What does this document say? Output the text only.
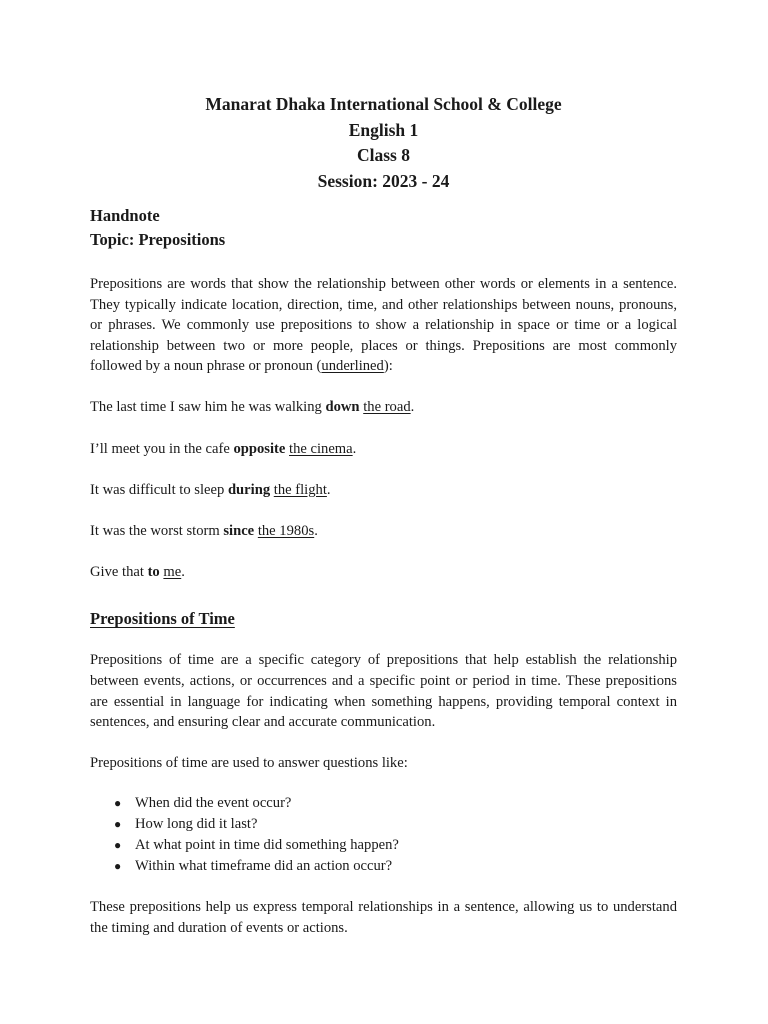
Manarat Dhaka International School & College
English 1
Class 8
Session: 2023 - 24
Handnote
Topic: Prepositions

Prepositions are words that show the relationship between other words or elements in a sentence. They typically indicate location, direction, time, and other relationships between nouns, pronouns, or phrases. We commonly use prepositions to show a relationship in space or time or a logical relationship between two or more people, places or things. Prepositions are most commonly followed by a noun phrase or pronoun (underlined):

The last time I saw him he was walking down the road.

I’ll meet you in the cafe opposite the cinema.

It was difficult to sleep during the flight.

It was the worst storm since the 1980s.

Give that to me.

Prepositions of Time

Prepositions of time are a specific category of prepositions that help establish the relationship between events, actions, or occurrences and a specific point or period in time. These prepositions are essential in language for indicating when something happens, providing temporal context in sentences, and ensuring clear and accurate communication.

Prepositions of time are used to answer questions like:

● When did the event occur?
● How long did it last?
● At what point in time did something happen?
● Within what timeframe did an action occur?

These prepositions help us express temporal relationships in a sentence, allowing us to understand the timing and duration of events or actions.
